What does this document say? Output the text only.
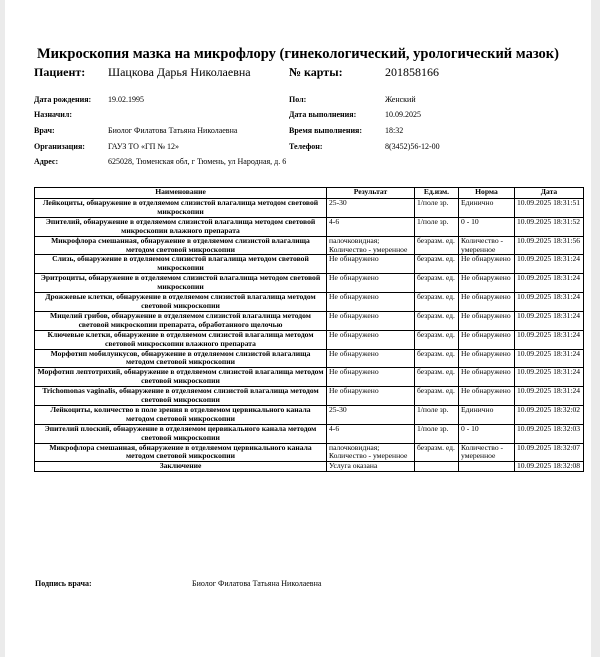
Микроскопия мазка на микрофлору (гинекологический, урологический мазок)
Пациент: Шацкова Дарья Николаевна	№ карты:	201858166
Дата рождения: 19.02.1995	Пол:	Женский
Назначил:	Дата выполнения:	10.09.2025
Врач:	Биолог Филатова Татьяна Николаевна	Время выполнения:	18:32
Организация:	ГАУЗ ТО «ГП № 12»	Телефон:	8(3452)56-12-00
Адрес:	625028, Тюменская обл, г Тюмень, ул Народная, д. 6
Наименование	Результат	Ед.изм.	Норма	Дата
Лейкоциты, обнаружение в отделяемом слизистой влагалища методом световой микроскопии	25-30	1/поле зр.	Единично	10.09.2025 18:31:51
Эпителий, обнаружение в отделяемом слизистой влагалища методом световой микроскопии влажного препарата	4-6	1/поле зр.	0 - 10	10.09.2025 18:31:52
Микрофлора смешанная, обнаружение в отделяемом слизистой влагалища методом световой микроскопии	палочковидная; Количество - умеренное	безразм. ед.	Количество - умеренное	10.09.2025 18:31:56
Слизь, обнаружение в отделяемом слизистой влагалища методом световой микроскопии	Не обнаружено	безразм. ед.	Не обнаружено	10.09.2025 18:31:24
Эритроциты, обнаружение в отделяемом слизистой влагалища методом световой микроскопии	Не обнаружено	безразм. ед.	Не обнаружено	10.09.2025 18:31:24
Дрожжевые клетки, обнаружение в отделяемом слизистой влагалища методом световой микроскопии	Не обнаружено	безразм. ед.	Не обнаружено	10.09.2025 18:31:24
Мицелий грибов, обнаружение в отделяемом слизистой влагалища методом световой микроскопии препарата, обработанного щелочью	Не обнаружено	безразм. ед.	Не обнаружено	10.09.2025 18:31:24
Ключевые клетки, обнаружение в отделяемом слизистой влагалища методом световой микроскопии влажного препарата	Не обнаружено	безразм. ед.	Не обнаружено	10.09.2025 18:31:24
Морфотип мобилункусов, обнаружение в отделяемом слизистой влагалища методом световой микроскопии	Не обнаружено	безразм. ед.	Не обнаружено	10.09.2025 18:31:24
Морфотип лептотрихий, обнаружение в отделяемом слизистой влагалища методом световой микроскопии	Не обнаружено	безразм. ед.	Не обнаружено	10.09.2025 18:31:24
Trichomonas vaginalis, обнаружение в отделяемом слизистой влагалища методом световой микроскопии	Не обнаружено	безразм. ед.	Не обнаружено	10.09.2025 18:31:24
Лейкоциты, количество в поле зрения в отделяемом цервикального канала методом световой микроскопии	25-30	1/поле зр.	Единично	10.09.2025 18:32:02
Эпителий плоский, обнаружение в отделяемом цервикального канала методом световой микроскопии	4-6	1/поле зр.	0 - 10	10.09.2025 18:32:03
Микрофлора смешанная, обнаружение в отделяемом цервикального канала методом световой микроскопии	палочковидная; Количество - умеренное	безразм. ед.	Количество - умеренное	10.09.2025 18:32:07
Заключение	Услуга оказана			10.09.2025 18:32:08
Подпись врача:	Биолог Филатова Татьяна Николаевна
